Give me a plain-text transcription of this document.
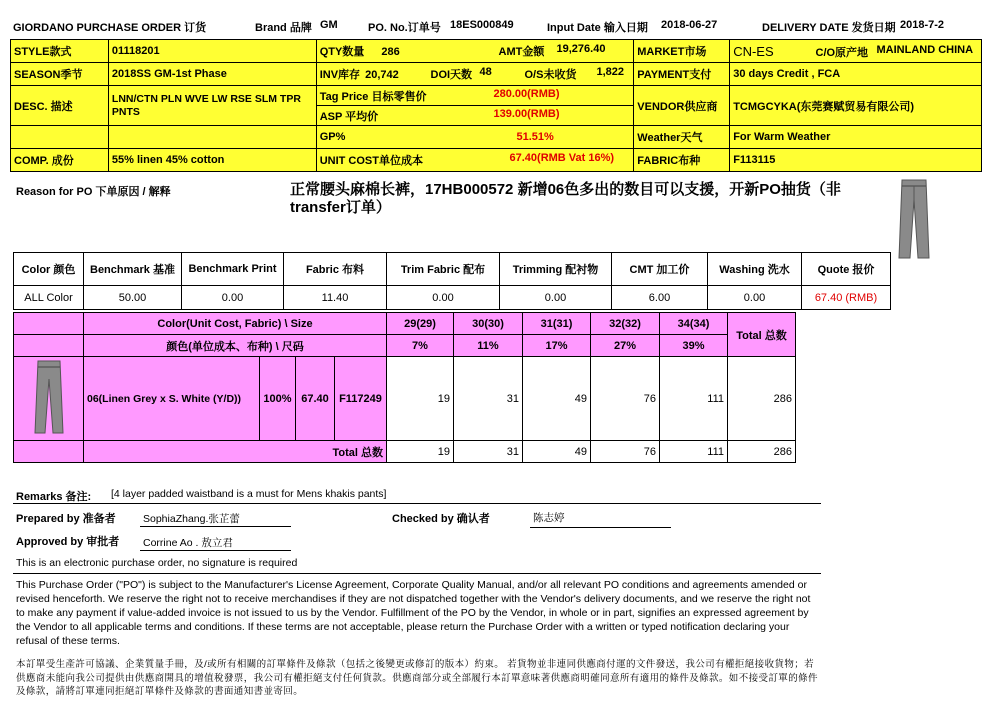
GIORDANO PURCHASE ORDER 订货	Brand 品牌 GM	PO. No.订单号 18ES000849	Input Date 输入日期 2018-06-27	DELIVERY DATE 发货日期 2018-7-2
STYLE款式	01118201	QTY数量 286 AMT金额 19,276.40	MARKET市场	CN-ES C/O原产地 MAINLAND CHINA

SEASON季节	2018SS GM-1st Phase	INV库存 20,742 DOI天数 48 O/S未收货 1,822	PAYMENT支付	30 days Credit , FCA
DESC. 描述	LNN/CTN PLN WVE LW RSE SLM TPR PNTS	Tag Price 目标零售价 280.00(RMB)	VENDOR供应商	TCMGCYKA(东莞赛赋贸易有限公司)
		ASP 平均价 139.00(RMB)		

		GP% 51.51%	Weather天气	For Warm Weather
COMP. 成份	55% linen 45% cotton	UNIT COST单位成本 67.40(RMB Vat 16%)	FABRIC布种	F113115
Reason for PO 下单原因 / 解释	正常腰头麻棉长裤，17HB000572 新增06色多出的数目可以支援，开新PO抽货（非transfer订单）
Color 颜色	Benchmark 基准	Benchmark Print	Fabric 布料	Trim Fabric 配布	Trimming 配衬物	CMT 加工价	Washing 洗水	Quote 报价
ALL Color	50.00	0.00	11.40	0.00	0.00	6.00	0.00	67.40 (RMB)
	Color(Unit Cost, Fabric) \ Size				29(29)	30(30)	31(31)	32(32)	34(34)	Total 总数
	颜色(单位成本、布种) \ 尺码				7%	11%	17%	27%	39%	
	06(Linen Grey x S. White (Y/D))	100%	67.40	F117249	19	31	49	76	111	286
	Total 总数				19	31	49	76	111	286
Remarks 备注: [4 layer padded waistband is a must for Mens khakis pants]
Prepared by 准备者	SophiaZhang.张芷蕾	Checked by 确认者	陈志婷
Approved by 审批者 Corrine Ao . 敖立君
This is an electronic purchase order, no signature is required
This Purchase Order ("PO") is subject to the Manufacturer's License Agreement, Corporate Quality Manual, and/or all relevant PO conditions and agreements amended or revised henceforth. We reserve the right not to receive merchandises if they are not dispatched together with the Vendor's delivery documents, and we reserve the right not to make any payment if value-added invoice is not issued to us by the Vendor. Fulfillment of the PO by the Vendor, in whole or in part, signifies an expressed agreement by the Vendor to all applicable terms and conditions. If these terms are not acceptable, please return the Purchase Order with a written or typed notification declaring your refusal of these terms.
本訂單受生產許可協議、企業質量手冊，及/或所有相關的訂單條件及條款（包括之後變更或修訂的版本）約束。 若貨物並非連同供應商付運的文件發送，我公司有權拒絕接收貨物；若供應商未能向我公司提供由供應商開具的增值稅發票，我公司有權拒絕支付任何貨款。供應商部分或全部履行本訂單意味著供應商明確同意所有適用的條件及條款。如不接受訂單的條件及條款，請將訂單連同拒絕訂單條件及條款的書面通知書並寄回。
